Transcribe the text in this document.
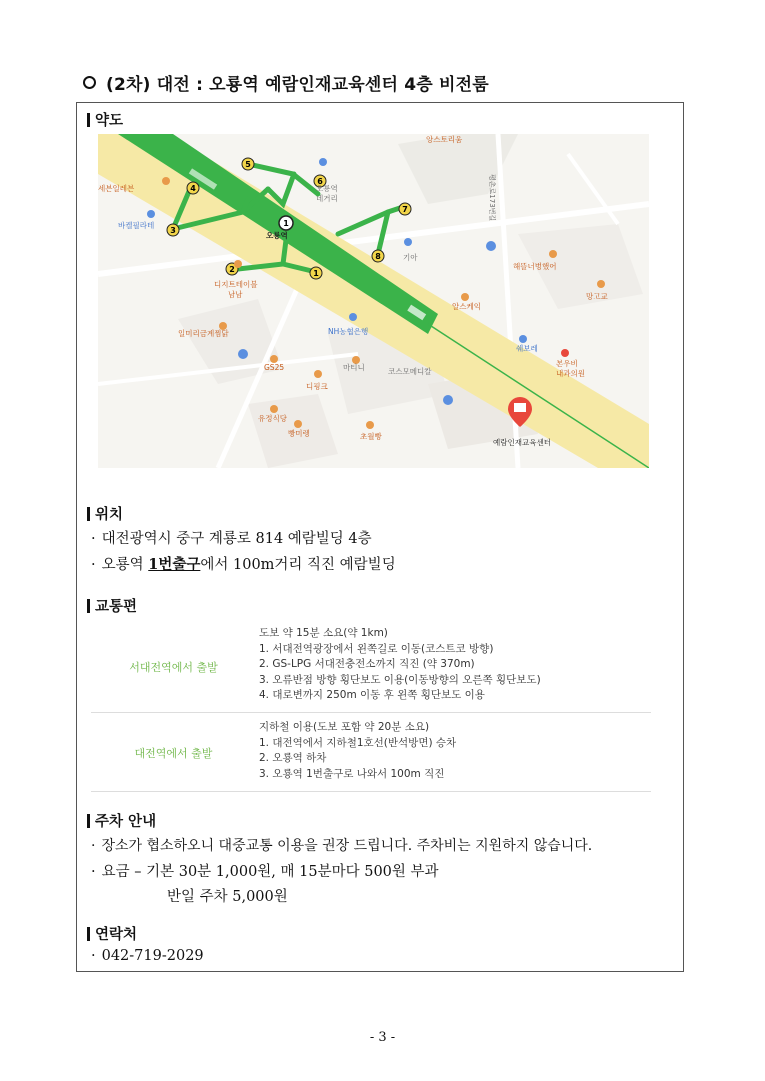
(2차) 대전 : 오룡역 예람인재교육센터 4층 비전룸
약도
1
2
3
4
5
6
7
8
1
세븐일레븐
바켈필라테
오룡역
네거리
오룡역
디지트테이블
남남
NH농협은행
일미리금계찜닭
GS25	마티니	코스모메디칼
디핑크
유정식당
빵미렝	초월빵
기아
해뜰너벙했어
망고교
알스케익
쉐보레
본우비
내과의원
예람인재교육센터
앙스토리움
평촌로173번길
위치
· 대전광역시 중구 계룡로 814 예람빌딩 4층
· 오룡역 1번출구에서 100m거리 직진 예람빌딩
교통편
서대전역에서 출발
도보 약 15분 소요(약 1km)
1. 서대전역광장에서 왼쪽길로 이동(코스트코 방향)
2. GS-LPG 서대전충전소까지 직진 (약 370m)
3. 오류반점 방향 횡단보도 이용(이동방향의 오른쪽 횡단보도)
4. 대로변까지 250m 이동 후 왼쪽 횡단보도 이용
대전역에서 출발
지하철 이용(도보 포함 약 20분 소요)
1. 대전역에서 지하철1호선(반석방면) 승차
2. 오룡역 하차
3. 오룡역 1번출구로 나와서 100m 직진
주차 안내
· 장소가 협소하오니 대중교통 이용을 권장 드립니다. 주차비는 지원하지 않습니다.
· 요금 – 기본 30분 1,000원, 매 15분마다 500원 부과
반일 주차 5,000원
연락처
· 042-719-2029
- 3 -
